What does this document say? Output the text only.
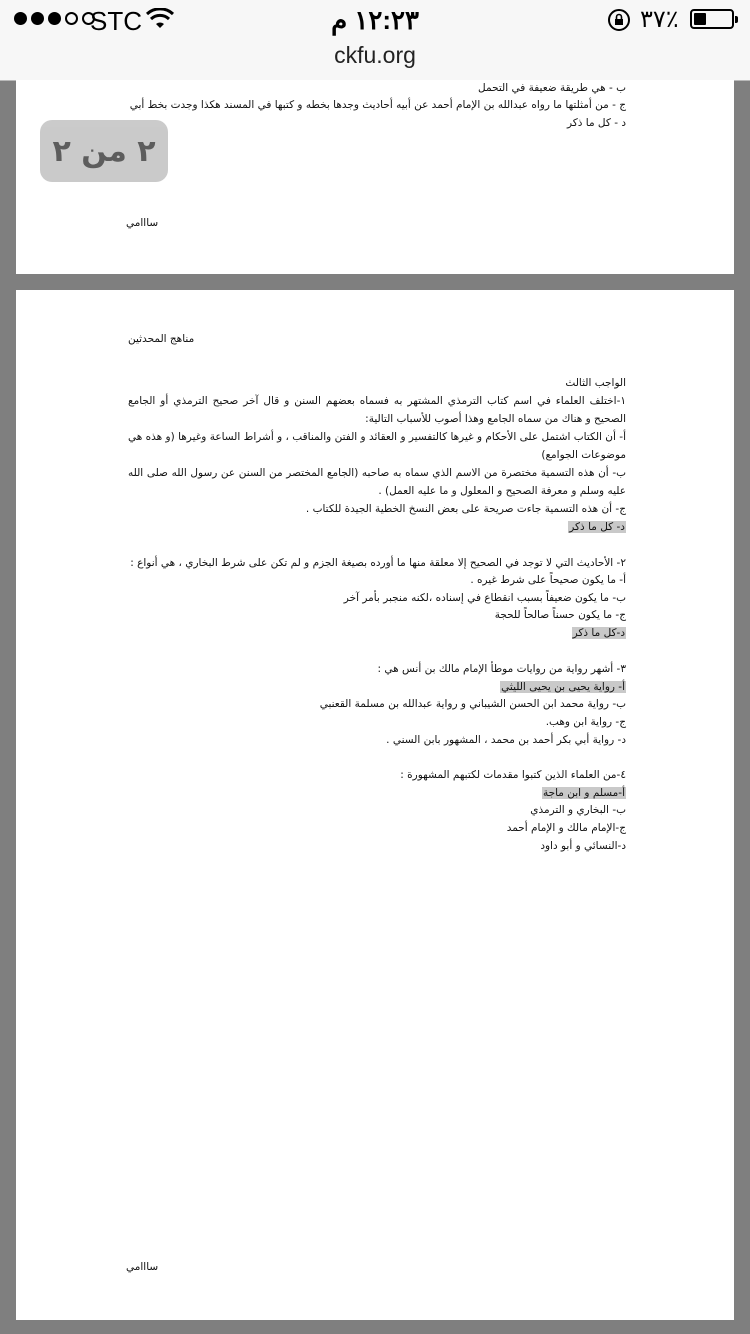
STC	١٢:٢٣ م	٣٧٪
ckfu.org
ب - هي طريقة ضعيفة في التحمل
ج - من أمثلتها ما رواه عبدالله بن الإمام أحمد عن أبيه أحاديث وجدها بخطه و كتبها في المسند هكذا وجدت بخط أبي
د - كل ما ذكر
سااامي
٢ من ٢
مناهج المحدثين
الواجب الثالث
١-اختلف العلماء في اسم كتاب الترمذي المشتهر به فسماه بعضهم السنن و قال آخر صحيح الترمذي أو الجامع الصحيح و هناك من سماه الجامع وهذا أصوب للأسباب التالية:
أ- أن الكتاب اشتمل على الأحكام و غيرها كالتفسير و العقائد و الفتن والمناقب ، و أشراط الساعة وغيرها (و هذه هي موضوعات الجوامع)
ب- أن هذه التسمية مختصرة من الاسم الذي سماه به صاحبه (الجامع المختصر من السنن عن رسول الله صلى الله عليه وسلم و معرفة الصحيح و المعلول و ما عليه العمل) .
ج- أن هذه التسمية جاءت صريحة على بعض النسخ الخطية الجيدة للكتاب .
د- كل ما ذكر
٢- الأحاديث التي لا توجد في الصحيح إلا معلقة منها ما أورده بصيغة الجزم و لم تكن على شرط البخاري ، هي أنواع :
أ- ما يكون صحيحاً على شرط غيره .
ب- ما يكون ضعيفاً بسبب انقطاع في إسناده ،لكنه منجبر بأمر آخر
ج- ما يكون حسناً صالحاً للحجة
د-كل ما ذكر
٣- أشهر رواية من روايات موطأ الإمام مالك بن أنس هي :
أ- رواية يحيى بن يحيى الليثي
ب- رواية محمد ابن الحسن الشيباني و رواية عبدالله بن مسلمة القعنبي
ج- رواية ابن وهب.
د- رواية أبي بكر أحمد بن محمد ، المشهور بابن السني .
٤-من العلماء الذين كتبوا مقدمات لكتبهم المشهورة :
أ-مسلم و ابن ماجة
ب- البخاري و الترمذي
ج-الإمام مالك و الإمام أحمد
د-النسائي و أبو داود
سااامي
